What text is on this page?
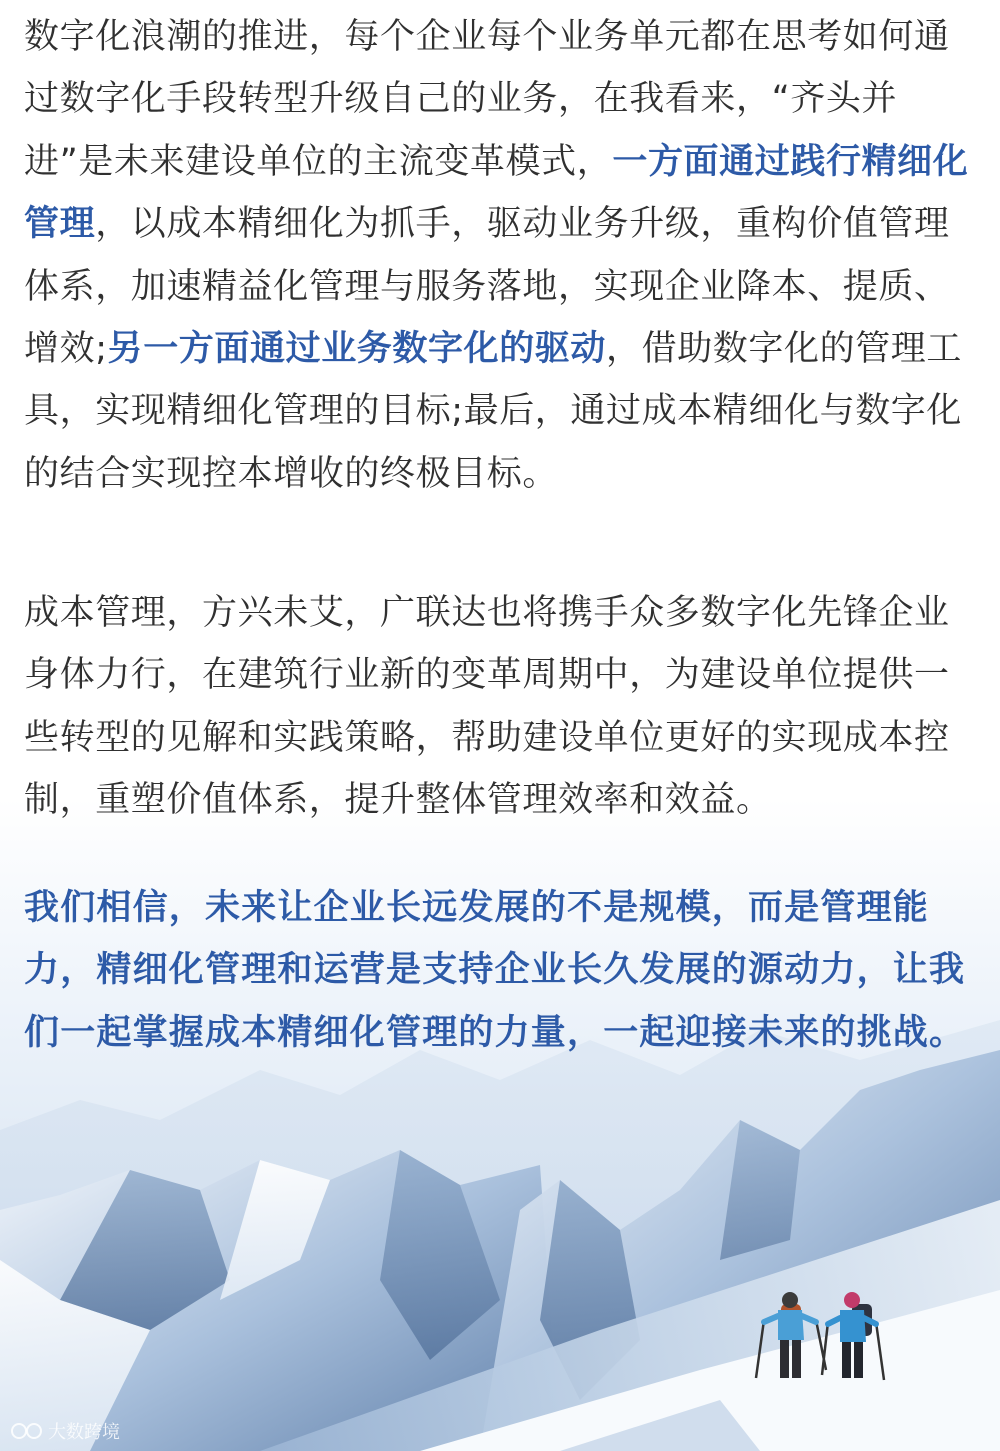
数字化浪潮的推进，每个企业每个业务单元都在思考如何通过数字化手段转型升级自己的业务，在我看来，“齐头并进”是未来建设单位的主流变革模式，一方面通过践行精细化管理，以成本精细化为抓手，驱动业务升级，重构价值管理体系，加速精益化管理与服务落地，实现企业降本、提质、增效;另一方面通过业务数字化的驱动，借助数字化的管理工具，实现精细化管理的目标;最后，通过成本精细化与数字化的结合实现控本增收的终极目标。

成本管理，方兴未艾，广联达也将携手众多数字化先锋企业身体力行，在建筑行业新的变革周期中，为建设单位提供一些转型的见解和实践策略，帮助建设单位更好的实现成本控制，重塑价值体系，提升整体管理效率和效益。

我们相信，未来让企业长远发展的不是规模，而是管理能力，精细化管理和运营是支持企业长久发展的源动力，让我们一起掌握成本精细化管理的力量，一起迎接未来的挑战。

大数跨境
